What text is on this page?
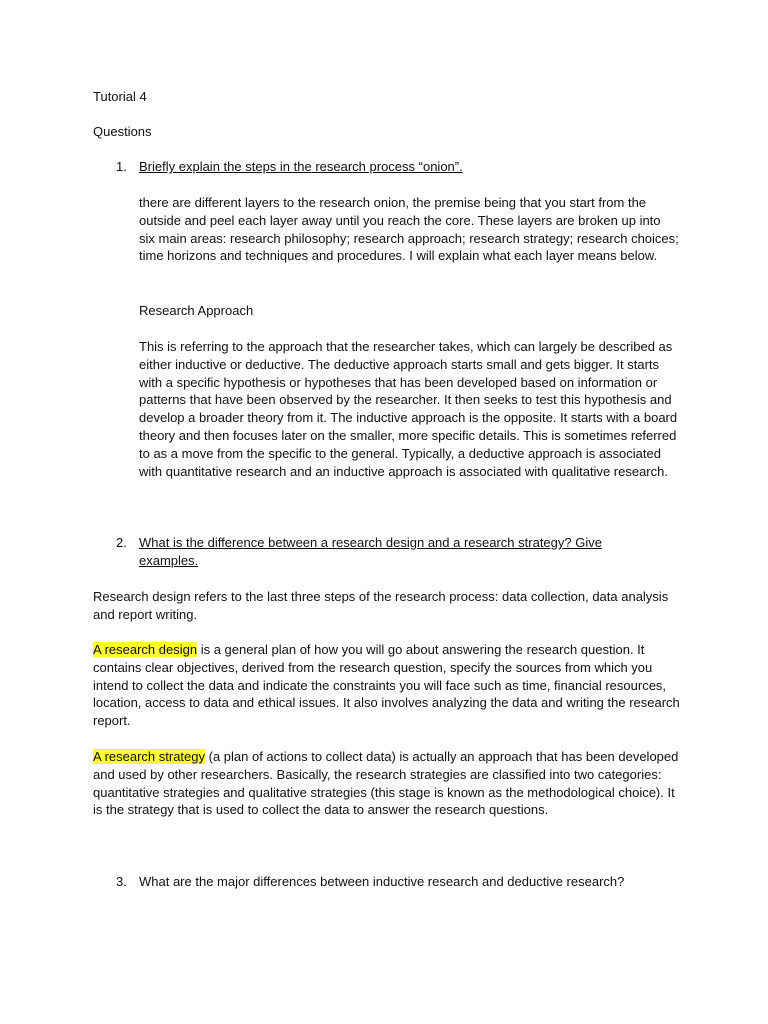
Tutorial 4

Questions

1. Briefly explain the steps in the research process “onion”.

there are different layers to the research onion, the premise being that you start from the outside and peel each layer away until you reach the core. These layers are broken up into six main areas: research philosophy; research approach; research strategy; research choices; time horizons and techniques and procedures. I will explain what each layer means below.

Research Approach

This is referring to the approach that the researcher takes, which can largely be described as either inductive or deductive. The deductive approach starts small and gets bigger. It starts with a specific hypothesis or hypotheses that has been developed based on information or patterns that have been observed by the researcher. It then seeks to test this hypothesis and develop a broader theory from it. The inductive approach is the opposite. It starts with a board theory and then focuses later on the smaller, more specific details. This is sometimes referred to as a move from the specific to the general. Typically, a deductive approach is associated with quantitative research and an inductive approach is associated with qualitative research.

2. What is the difference between a research design and a research strategy? Give
examples.

Research design refers to the last three steps of the research process: data collection, data analysis and report writing.

A research design is a general plan of how you will go about answering the research question. It contains clear objectives, derived from the research question, specify the sources from which you intend to collect the data and indicate the constraints you will face such as time, financial resources, location, access to data and ethical issues. It also involves analyzing the data and writing the research report.

A research strategy (a plan of actions to collect data) is actually an approach that has been developed and used by other researchers. Basically, the research strategies are classified into two categories: quantitative strategies and qualitative strategies (this stage is known as the methodological choice). It is the strategy that is used to collect the data to answer the research questions.

3. What are the major differences between inductive research and deductive research?
